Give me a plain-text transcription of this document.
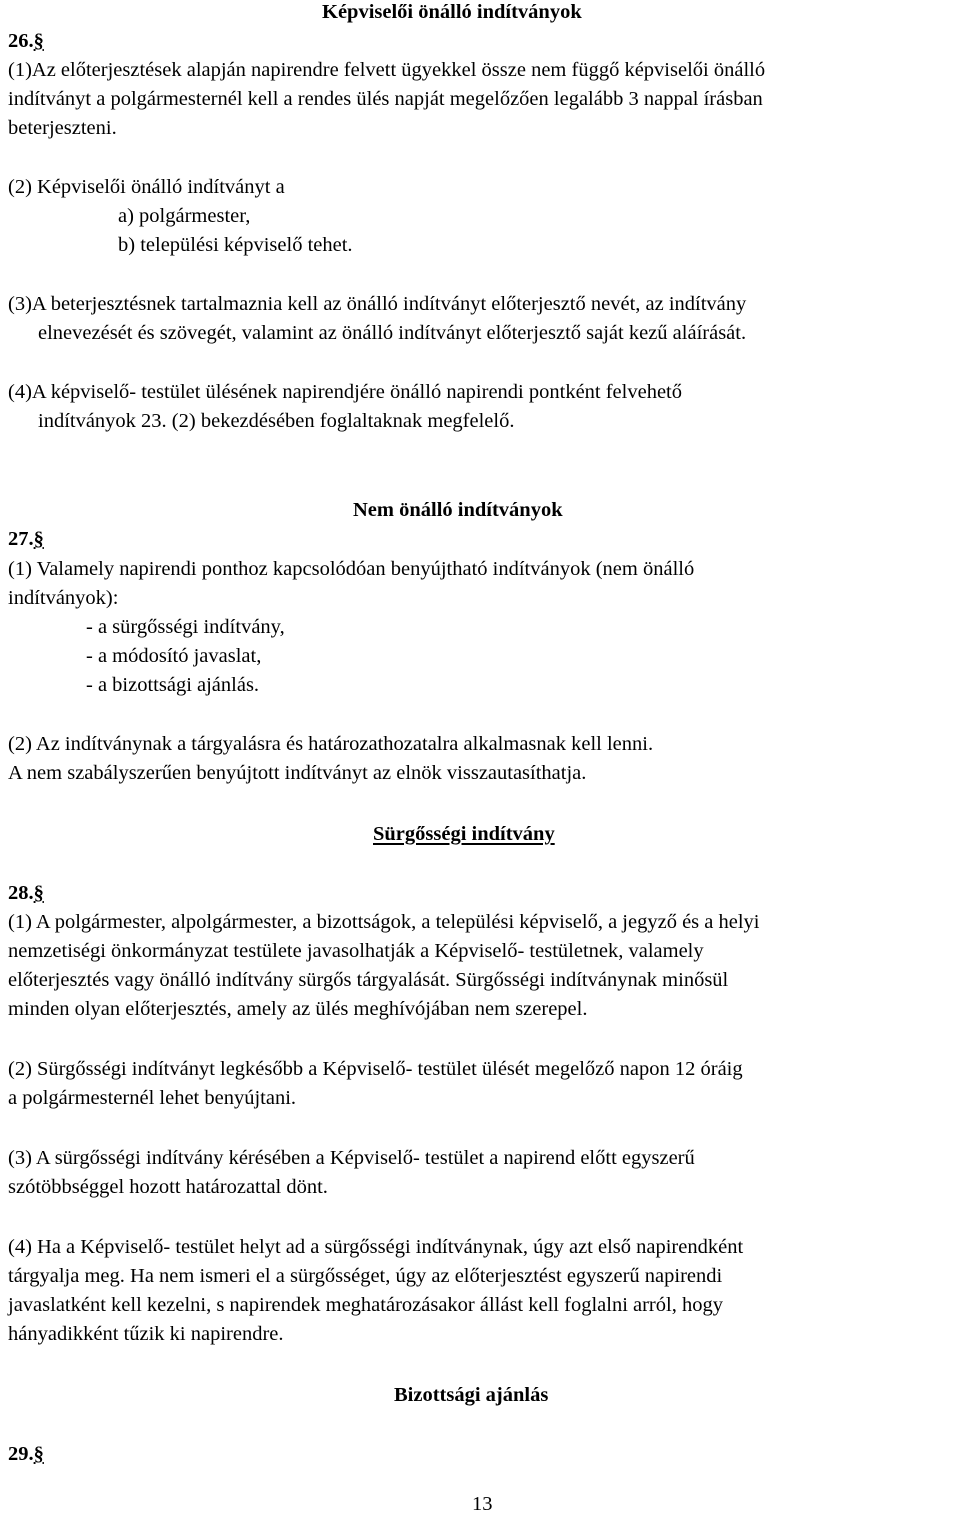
Képviselői önálló indítványok
26.§
(1)Az előterjesztések alapján napirendre felvett ügyekkel össze nem függő képviselői önálló
indítványt a polgármesternél kell a rendes ülés napját megelőzően legalább 3 nappal írásban
beterjeszteni.
(2) Képviselői önálló indítványt a
a) polgármester,
b) települési képviselő tehet.
(3)A beterjesztésnek tartalmaznia kell az önálló indítványt előterjesztő nevét, az indítvány
elnevezését és szövegét, valamint az önálló indítványt előterjesztő saját kezű aláírását.
(4)A képviselő- testület ülésének napirendjére önálló napirendi pontként felvehető
indítványok 23. (2) bekezdésében foglaltaknak megfelelő.
Nem önálló indítványok
27.§
(1) Valamely napirendi ponthoz kapcsolódóan benyújtható indítványok (nem önálló
indítványok):
- a sürgősségi indítvány,
- a módosító javaslat,
- a bizottsági ajánlás.
(2) Az indítványnak a tárgyalásra és határozathozatalra alkalmasnak kell lenni.
A nem szabályszerűen benyújtott indítványt az elnök visszautasíthatja.
Sürgősségi indítvány
28.§
(1) A polgármester, alpolgármester, a bizottságok, a települési képviselő, a jegyző és a helyi
nemzetiségi önkormányzat testülete javasolhatják a Képviselő- testületnek, valamely
előterjesztés vagy önálló indítvány sürgős tárgyalását. Sürgősségi indítványnak minősül
minden olyan előterjesztés, amely az ülés meghívójában nem szerepel.
(2) Sürgősségi indítványt legkésőbb a Képviselő- testület ülését megelőző napon 12 óráig
a polgármesternél lehet benyújtani.
(3) A sürgősségi indítvány kérésében a Képviselő- testület a napirend előtt egyszerű
szótöbbséggel hozott határozattal dönt.
(4) Ha a Képviselő- testület helyt ad a sürgősségi indítványnak, úgy azt első napirendként
tárgyalja meg. Ha nem ismeri el a sürgősséget, úgy az előterjesztést egyszerű napirendi
javaslatként kell kezelni, s napirendek meghatározásakor állást kell foglalni arról, hogy
hányadikként tűzik ki napirendre.
Bizottsági ajánlás
29.§
13
